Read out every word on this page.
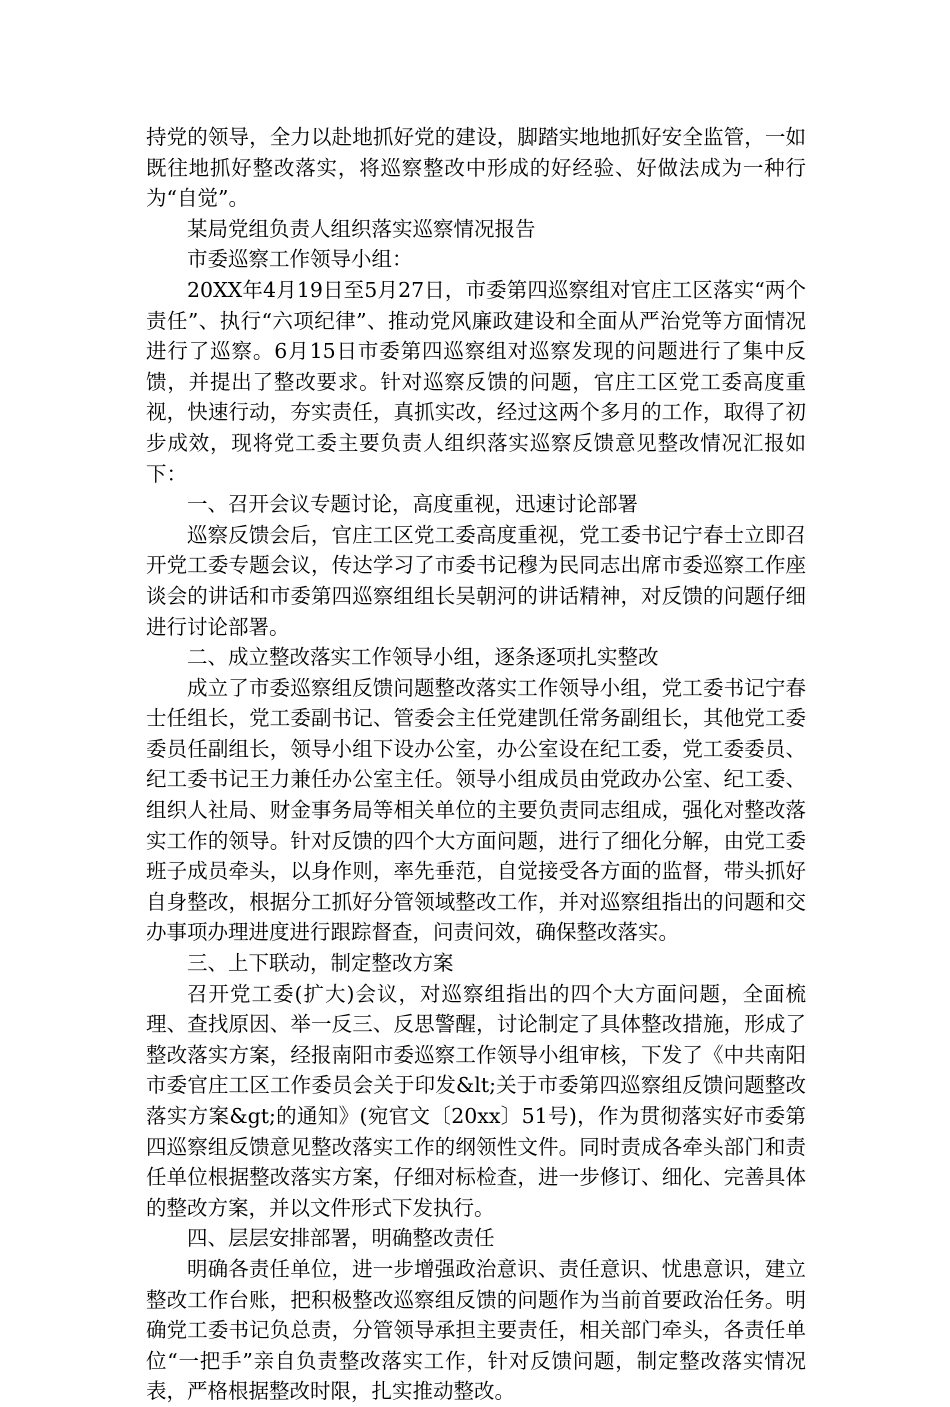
持党的领导，全力以赴地抓好党的建设，脚踏实地地抓好安全监管，一如既往地抓好整改落实，将巡察整改中形成的好经验、好做法成为一种行为“自觉”。

某局党组负责人组织落实巡察情况报告

市委巡察工作领导小组：

20XX年4月19日至5月27日，市委第四巡察组对官庄工区落实“两个责任”、执行“六项纪律”、推动党风廉政建设和全面从严治党等方面情况进行了巡察。6月15日市委第四巡察组对巡察发现的问题进行了集中反馈，并提出了整改要求。针对巡察反馈的问题，官庄工区党工委高度重视，快速行动，夯实责任，真抓实改，经过这两个多月的工作，取得了初步成效，现将党工委主要负责人组织落实巡察反馈意见整改情况汇报如下：

一、召开会议专题讨论，高度重视，迅速讨论部署

巡察反馈会后，官庄工区党工委高度重视，党工委书记宁春士立即召开党工委专题会议，传达学习了市委书记穆为民同志出席市委巡察工作座谈会的讲话和市委第四巡察组组长吴朝河的讲话精神，对反馈的问题仔细进行讨论部署。

二、成立整改落实工作领导小组，逐条逐项扎实整改

成立了市委巡察组反馈问题整改落实工作领导小组，党工委书记宁春士任组长，党工委副书记、管委会主任党建凯任常务副组长，其他党工委委员任副组长，领导小组下设办公室，办公室设在纪工委，党工委委员、纪工委书记王力兼任办公室主任。领导小组成员由党政办公室、纪工委、组织人社局、财金事务局等相关单位的主要负责同志组成，强化对整改落实工作的领导。针对反馈的四个大方面问题，进行了细化分解，由党工委班子成员牵头，以身作则，率先垂范，自觉接受各方面的监督，带头抓好自身整改，根据分工抓好分管领域整改工作，并对巡察组指出的问题和交办事项办理进度进行跟踪督查，问责问效，确保整改落实。

三、上下联动，制定整改方案

召开党工委(扩大)会议，对巡察组指出的四个大方面问题，全面梳理、查找原因、举一反三、反思警醒，讨论制定了具体整改措施，形成了整改落实方案，经报南阳市委巡察工作领导小组审核，下发了《中共南阳市委官庄工区工作委员会关于印发&lt;关于市委第四巡察组反馈问题整改落实方案&gt;的通知》(宛官文〔20xx〕51号)，作为贯彻落实好市委第四巡察组反馈意见整改落实工作的纲领性文件。同时责成各牵头部门和责任单位根据整改落实方案，仔细对标检查，进一步修订、细化、完善具体的整改方案，并以文件形式下发执行。

四、层层安排部署，明确整改责任

明确各责任单位，进一步增强政治意识、责任意识、忧患意识，建立整改工作台账，把积极整改巡察组反馈的问题作为当前首要政治任务。明确党工委书记负总责，分管领导承担主要责任，相关部门牵头，各责任单位“一把手”亲自负责整改落实工作，针对反馈问题，制定整改落实情况表，严格根据整改时限，扎实推动整改。
